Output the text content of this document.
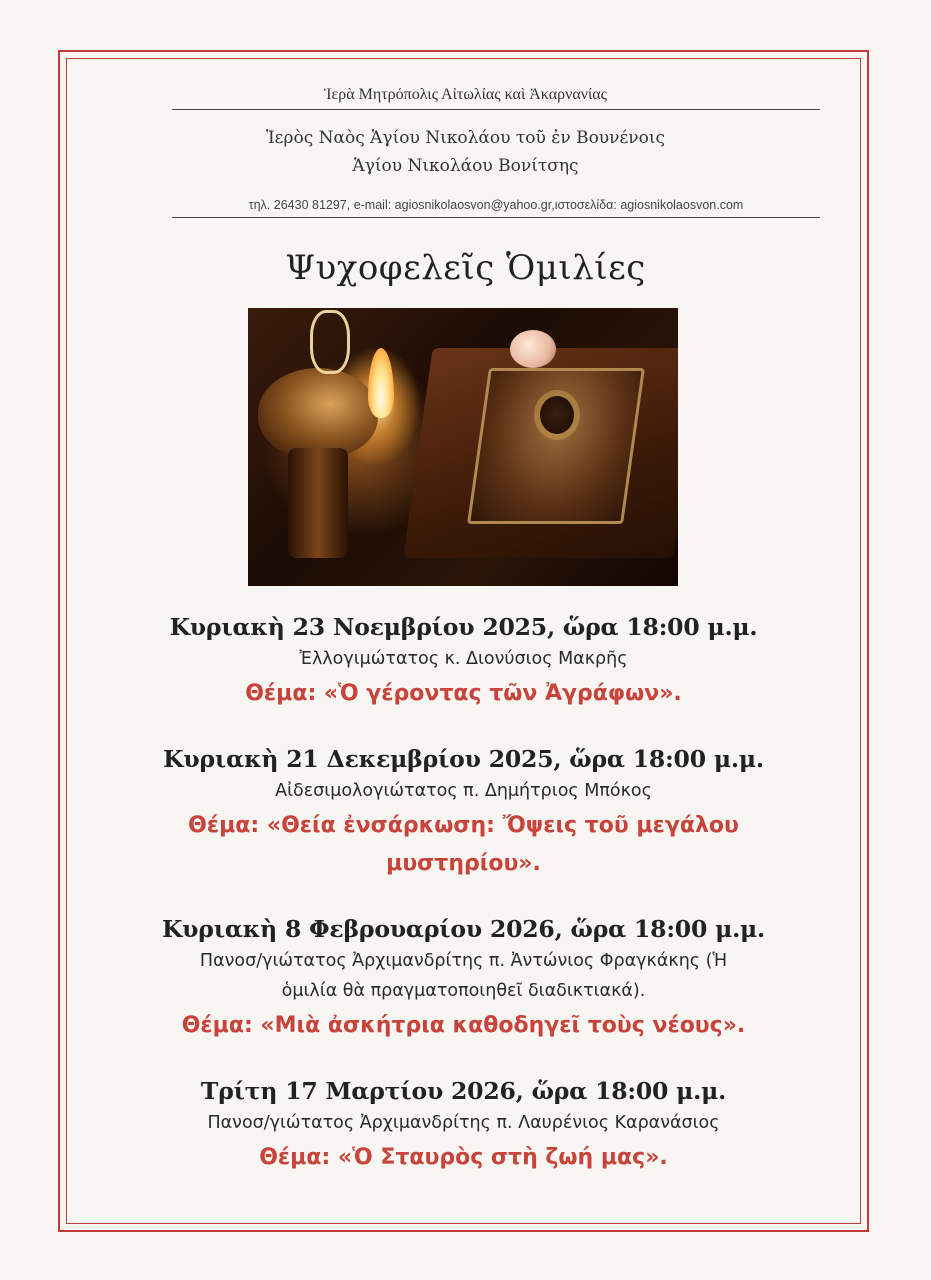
Ἱερὰ Μητρόπολις Αἰτωλίας καὶ Ἀκαρνανίας
Ἱερὸς Ναὸς Ἁγίου Νικολάου τοῦ ἐν Βουνένοις
Ἁγίου Νικολάου Βονίτσης
τηλ. 26430 81297, e-mail: agiosnikolaosvon@yahoo.gr,ιστοσελίδα: agiosnikolaosvon.com
Ψυχοφελεῖς Ὁμιλίες
Κυριακὴ 23 Νοεμβρίου 2025, ὥρα 18:00 μ.μ.
Ἐλλογιμώτατος κ. Διονύσιος Μακρῆς
Θέμα: «Ὁ γέροντας τῶν Ἀγράφων».
Κυριακὴ 21 Δεκεμβρίου 2025, ὥρα 18:00 μ.μ.
Αἰδεσιμολογιώτατος π. Δημήτριος Μπόκος
Θέμα: «Θεία ἐνσάρκωση: Ὄψεις τοῦ μεγάλου
μυστηρίου».
Κυριακὴ 8 Φεβρουαρίου 2026, ὥρα 18:00 μ.μ.
Πανοσ/γιώτατος Ἀρχιμανδρίτης π. Ἀντώνιος Φραγκάκης (Ἡ
ὁμιλία θὰ πραγματοποιηθεῖ διαδικτιακά).
Θέμα: «Μιὰ ἀσκήτρια καθοδηγεῖ τοὺς νέους».
Τρίτη 17 Μαρτίου 2026, ὥρα 18:00 μ.μ.
Πανοσ/γιώτατος Ἀρχιμανδρίτης π. Λαυρένιος Καρανάσιος
Θέμα: «Ὁ Σταυρὸς στὴ ζωή μας».
